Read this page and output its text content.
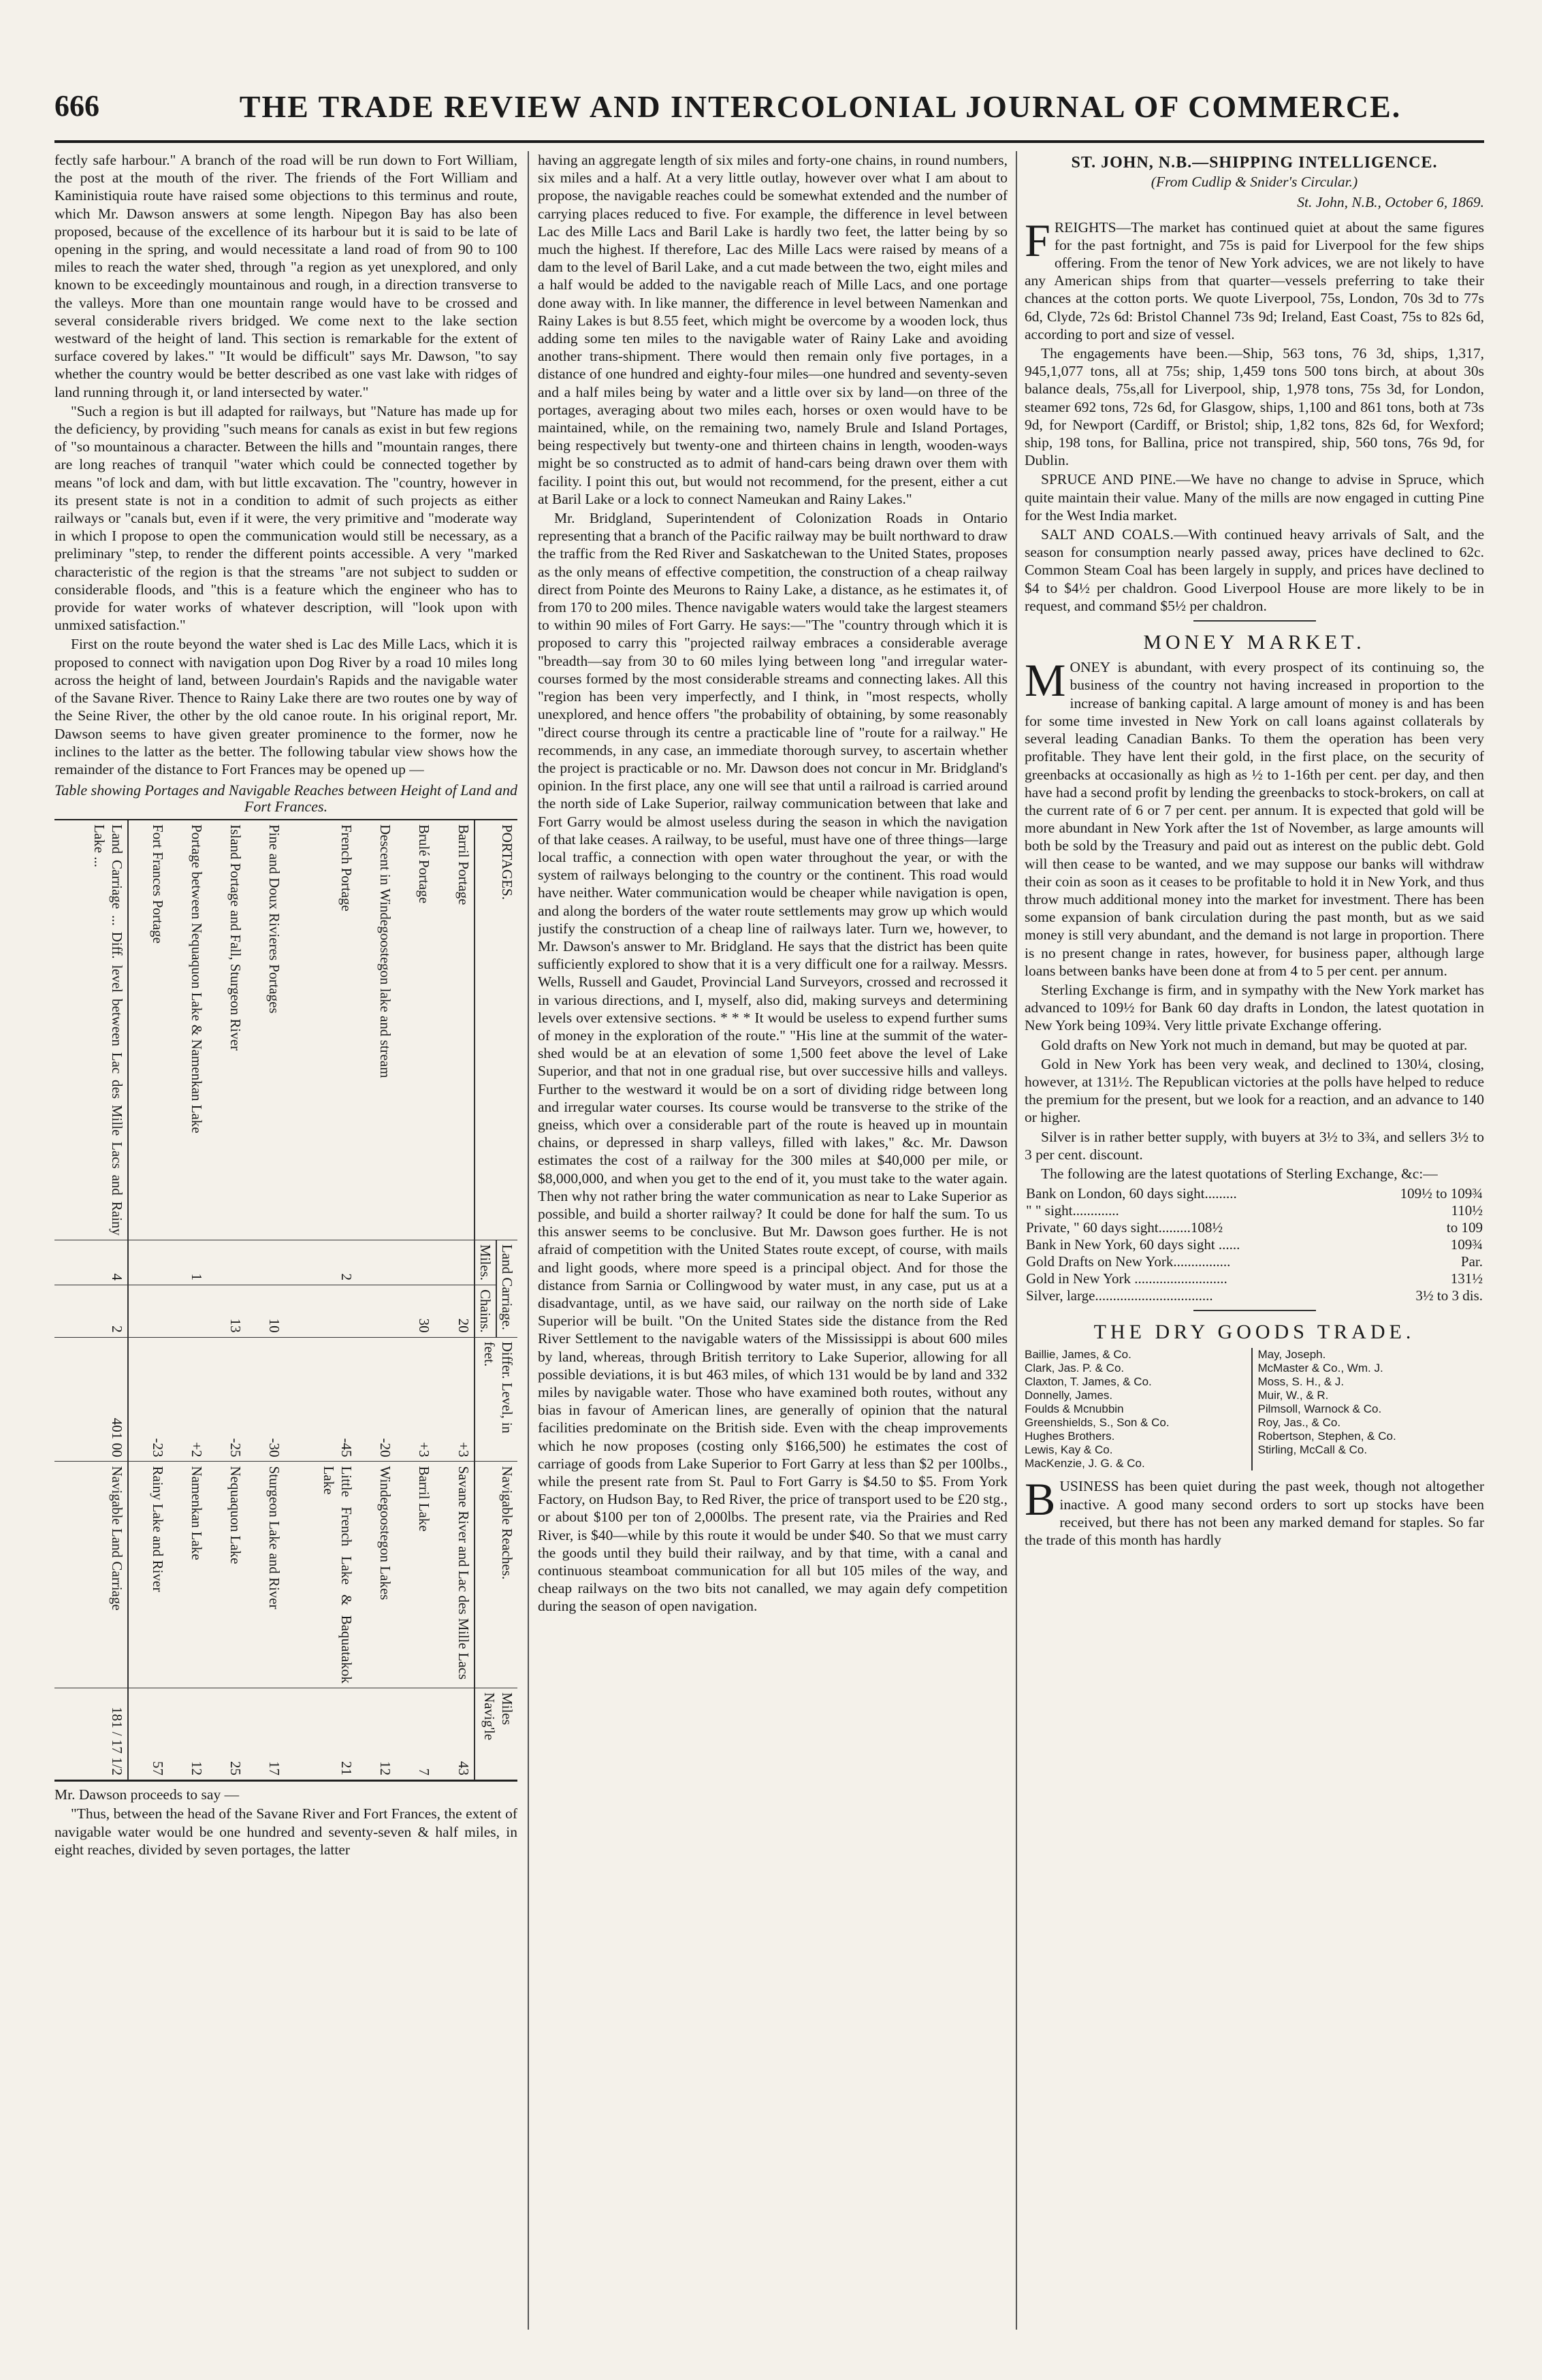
666	THE TRADE REVIEW AND INTERCOLONIAL JOURNAL OF COMMERCE.

fectly safe harbour." A branch of the road will be run down to Fort William, the post at the mouth of the river. The friends of the Fort William and Kaministiquia route have raised some objections to this terminus and route, which Mr. Dawson answers at some length. Nipegon Bay has also been proposed, because of the excellence of its harbour but it is said to be late of opening in the spring, and would necessitate a land road of from 90 to 100 miles to reach the water shed, through "a region as yet unexplored, and only known to be exceedingly mountainous and rough, in a direction transverse to the valleys. More than one mountain range would have to be crossed and several considerable rivers bridged. We come next to the lake section westward of the height of land. This section is remarkable for the extent of surface covered by lakes." "It would be difficult" says Mr. Dawson, "to say whether the country would be better described as one vast lake with ridges of land running through it, or land intersected by water."

"Such a region is but ill adapted for railways, but "Nature has made up for the deficiency, by providing "such means for canals as exist in but few regions of "so mountainous a character. Between the hills and "mountain ranges, there are long reaches of tranquil "water which could be connected together by means "of lock and dam, with but little excavation. The "country, however in its present state is not in a condition to admit of such projects as either railways or "canals but, even if it were, the very primitive and "moderate way in which I propose to open the communication would still be necessary, as a preliminary "step, to render the different points accessible. A very "marked characteristic of the region is that the streams "are not subject to sudden or considerable floods, and "this is a feature which the engineer who has to provide for water works of whatever description, will "look upon with unmixed satisfaction."

First on the route beyond the water shed is Lac des Mille Lacs, which it is proposed to connect with navigation upon Dog River by a road 10 miles long across the height of land, between Jourdain's Rapids and the navigable water of the Savane River. Thence to Rainy Lake there are two routes one by way of the Seine River, the other by the old canoe route. In his original report, Mr. Dawson seems to have given greater prominence to the former, now he inclines to the latter as the better. The following tabular view shows how the remainder of the distance to Fort Frances may be opened up —

Table showing Portages and Navigable Reaches between Height of Land and Fort Frances.
PORTAGES.	Land Carriage.		Differ. Level, in feet.	Navigable Reaches.	Miles Navig'le
	Miles.	Chains.			
Barril Portage		20	+3	Savane River and Lac des Mille Lacs	43
Brulé Portage		30	+3	Barril Lake	7
Descent in Windegoostegon lake and stream			-20	Windegoostegon Lakes	12
French Portage	2		-45	Little French Lake & Baquatakok Lake	21
Pine and Doux Rivieres Portages		10	-30	Sturgeon Lake and River	17
Island Portage and Fall, Sturgeon River		13	-25	Nequaquon Lake	25
Portage between Nequaquon Lake & Namenkan Lake	1		+2	Namenkan Lake	12
Fort Frances Portage			-23	Rainy Lake and River	57
Land Carriage ... Diff. level between Lac des Mille Lacs and Rainy Lake ...	4	2	401 00	Navigable Land Carriage	181 / 17 1/2

Mr. Dawson proceeds to say —

"Thus, between the head of the Savane River and Fort Frances, the extent of navigable water would be one hundred and seventy-seven & half miles, in eight reaches, divided by seven portages, the latter

having an aggregate length of six miles and forty-one chains, in round numbers, six miles and a half. At a very little outlay, however over what I am about to propose, the navigable reaches could be somewhat extended and the number of carrying places reduced to five. For example, the difference in level between Lac des Mille Lacs and Baril Lake is hardly two feet, the latter being by so much the highest. If therefore, Lac des Mille Lacs were raised by means of a dam to the level of Baril Lake, and a cut made between the two, eight miles and a half would be added to the navigable reach of Mille Lacs, and one portage done away with. In like manner, the difference in level between Namenkan and Rainy Lakes is but 8.55 feet, which might be overcome by a wooden lock, thus adding some ten miles to the navigable water of Rainy Lake and avoiding another trans-shipment. There would then remain only five portages, in a distance of one hundred and eighty-four miles—one hundred and seventy-seven and a half miles being by water and a little over six by land—on three of the portages, averaging about two miles each, horses or oxen would have to be maintained, while, on the remaining two, namely Brule and Island Portages, being respectively but twenty-one and thirteen chains in length, wooden-ways might be so constructed as to admit of hand-cars being drawn over them with facility. I point this out, but would not recommend, for the present, either a cut at Baril Lake or a lock to connect Nameukan and Rainy Lakes."

Mr. Bridgland, Superintendent of Colonization Roads in Ontario representing that a branch of the Pacific railway may be built northward to draw the traffic from the Red River and Saskatchewan to the United States, proposes as the only means of effective competition, the construction of a cheap railway direct from Pointe des Meurons to Rainy Lake, a distance, as he estimates it, of from 170 to 200 miles. Thence navigable waters would take the largest steamers to within 90 miles of Fort Garry. He says:—"The "country through which it is proposed to carry this "projected railway embraces a considerable average "breadth—say from 30 to 60 miles lying between long "and irregular water-courses formed by the most considerable streams and connecting lakes. All this "region has been very imperfectly, and I think, in "most respects, wholly unexplored, and hence offers "the probability of obtaining, by some reasonably "direct course through its centre a practicable line of "route for a railway." He recommends, in any case, an immediate thorough survey, to ascertain whether the project is practicable or no. Mr. Dawson does not concur in Mr. Bridgland's opinion. In the first place, any one will see that until a railroad is carried around the north side of Lake Superior, railway communication between that lake and Fort Garry would be almost useless during the season in which the navigation of that lake ceases. A railway, to be useful, must have one of three things—large local traffic, a connection with open water throughout the year, or with the system of railways belonging to the country or the continent. This road would have neither. Water communication would be cheaper while navigation is open, and along the borders of the water route settlements may grow up which would justify the construction of a cheap line of railways later. Turn we, however, to Mr. Dawson's answer to Mr. Bridgland. He says that the district has been quite sufficiently explored to show that it is a very difficult one for a railway. Messrs. Wells, Russell and Gaudet, Provincial Land Surveyors, crossed and recrossed it in various directions, and I, myself, also did, making surveys and determining levels over extensive sections. * * * It would be useless to expend further sums of money in the exploration of the route." "His line at the summit of the water-shed would be at an elevation of some 1,500 feet above the level of Lake Superior, and that not in one gradual rise, but over successive hills and valleys. Further to the westward it would be on a sort of dividing ridge between long and irregular water courses. Its course would be transverse to the strike of the gneiss, which over a considerable part of the route is heaved up in mountain chains, or depressed in sharp valleys, filled with lakes," &c. Mr. Dawson estimates the cost of a railway for the 300 miles at $40,000 per mile, or $8,000,000, and when you get to the end of it, you must take to the water again. Then why not rather bring the water communication as near to Lake Superior as possible, and build a shorter railway? It could be done for half the sum. To us this answer seems to be conclusive. But Mr. Dawson goes further. He is not afraid of competition with the United States route except, of course, with mails and light goods, where more speed is a principal object. And for those the distance from Sarnia or Collingwood by water must, in any case, put us at a disadvantage, until, as we have said, our railway on the north side of Lake Superior will be built. "On the United States side the distance from the Red River Settlement to the navigable waters of the Mississippi is about 600 miles by land, whereas, through British territory to Lake Superior, allowing for all possible deviations, it is but 463 miles, of which 131 would be by land and 332 miles by navigable water. Those who have examined both routes, without any bias in favour of American lines, are generally of opinion that the natural facilities predominate on the British side. Even with the cheap improvements which he now proposes (costing only $166,500) he estimates the cost of carriage of goods from Lake Superior to Fort Garry at less than $2 per 100lbs., while the present rate from St. Paul to Fort Garry is $4.50 to $5. From York Factory, on Hudson Bay, to Red River, the price of transport used to be £20 stg., or about $100 per ton of 2,000lbs. The present rate, via the Prairies and Red River, is $40—while by this route it would be under $40. So that we must carry the goods until they build their railway, and by that time, with a canal and continuous steamboat communication for all but 105 miles of the way, and cheap railways on the two bits not canalled, we may again defy competition during the season of open navigation.

ST. JOHN, N.B.—SHIPPING INTELLIGENCE.
(From Cudlip & Snider's Circular.)
St. John, N.B., October 6, 1869.

FREIGHTS—The market has continued quiet at about the same figures for the past fortnight, and 75s is paid for Liverpool for the few ships offering. From the tenor of New York advices, we are not likely to have any American ships from that quarter—vessels preferring to take their chances at the cotton ports. We quote Liverpool, 75s, London, 70s 3d to 77s 6d, Clyde, 72s 6d: Bristol Channel 73s 9d; Ireland, East Coast, 75s to 82s 6d, according to port and size of vessel.

The engagements have been.—Ship, 563 tons, 76 3d, ships, 1,317, 945,1,077 tons, all at 75s; ship, 1,459 tons 500 tons birch, at about 30s balance deals, 75s,all for Liverpool, ship, 1,978 tons, 75s 3d, for London, steamer 692 tons, 72s 6d, for Glasgow, ships, 1,100 and 861 tons, both at 73s 9d, for Newport (Cardiff, or Bristol; ship, 1,82 tons, 82s 6d, for Wexford; ship, 198 tons, for Ballina, price not transpired, ship, 560 tons, 76s 9d, for Dublin.

SPRUCE AND PINE.—We have no change to advise in Spruce, which quite maintain their value. Many of the mills are now engaged in cutting Pine for the West India market.

SALT AND COALS.—With continued heavy arrivals of Salt, and the season for consumption nearly passed away, prices have declined to 62c. Common Steam Coal has been largely in supply, and prices have declined to $4 to $4½ per chaldron. Good Liverpool House are more likely to be in request, and command $5½ per chaldron.

MONEY MARKET.

MONEY is abundant, with every prospect of its continuing so, the business of the country not having increased in proportion to the increase of banking capital. A large amount of money is and has been for some time invested in New York on call loans against collaterals by several leading Canadian Banks. To them the operation has been very profitable. They have lent their gold, in the first place, on the security of greenbacks at occasionally as high as ½ to 1-16th per cent. per day, and then have had a second profit by lending the greenbacks to stock-brokers, on call at the current rate of 6 or 7 per cent. per annum. It is expected that gold will be more abundant in New York after the 1st of November, as large amounts will both be sold by the Treasury and paid out as interest on the public debt. Gold will then cease to be wanted, and we may suppose our banks will withdraw their coin as soon as it ceases to be profitable to hold it in New York, and thus throw much additional money into the market for investment. There has been some expansion of bank circulation during the past month, but as we said money is still very abundant, and the demand is not large in proportion. There is no present change in rates, however, for business paper, although large loans between banks have been done at from 4 to 5 per cent. per annum.

Sterling Exchange is firm, and in sympathy with the New York market has advanced to 109½ for Bank 60 day drafts in London, the latest quotation in New York being 109¾. Very little private Exchange offering.

Gold drafts on New York not much in demand, but may be quoted at par.

Gold in New York has been very weak, and declined to 130¼, closing, however, at 131½. The Republican victories at the polls have helped to reduce the premium for the present, but we look for a reaction, and an advance to 140 or higher.

Silver is in rather better supply, with buyers at 3½ to 3¾, and sellers 3½ to 3 per cent. discount.

The following are the latest quotations of Sterling Exchange, &c:—

Bank on London, 60 days sight.........	109½ to 109¾
" " sight.............	110½
Private, " 60 days sight.........108½	to 109
Bank in New York, 60 days sight ......	109¾
Gold Drafts on New York................	Par.
Gold in New York ..........................	131½
Silver, large.................................	3½ to 3 dis.
THE DRY GOODS TRADE.
Baillie, James, & Co.
Clark, Jas. P. & Co.
Claxton, T. James, & Co.
Donnelly, James.
Foulds & Mcnubbin
Greenshields, S., Son & Co.
Hughes Brothers.
Lewis, Kay & Co.
MacKenzie, J. G. & Co.
May, Joseph.
McMaster & Co., Wm. J.
Moss, S. H., & J.
Muir, W., & R.
Pilmsoll, Warnock & Co.
Roy, Jas., & Co.
Robertson, Stephen, & Co.
Stirling, McCall & Co.

BUSINESS has been quiet during the past week, though not altogether inactive. A good many second orders to sort up stocks have been received, but there has not been any marked demand for staples. So far the trade of this month has hardly
